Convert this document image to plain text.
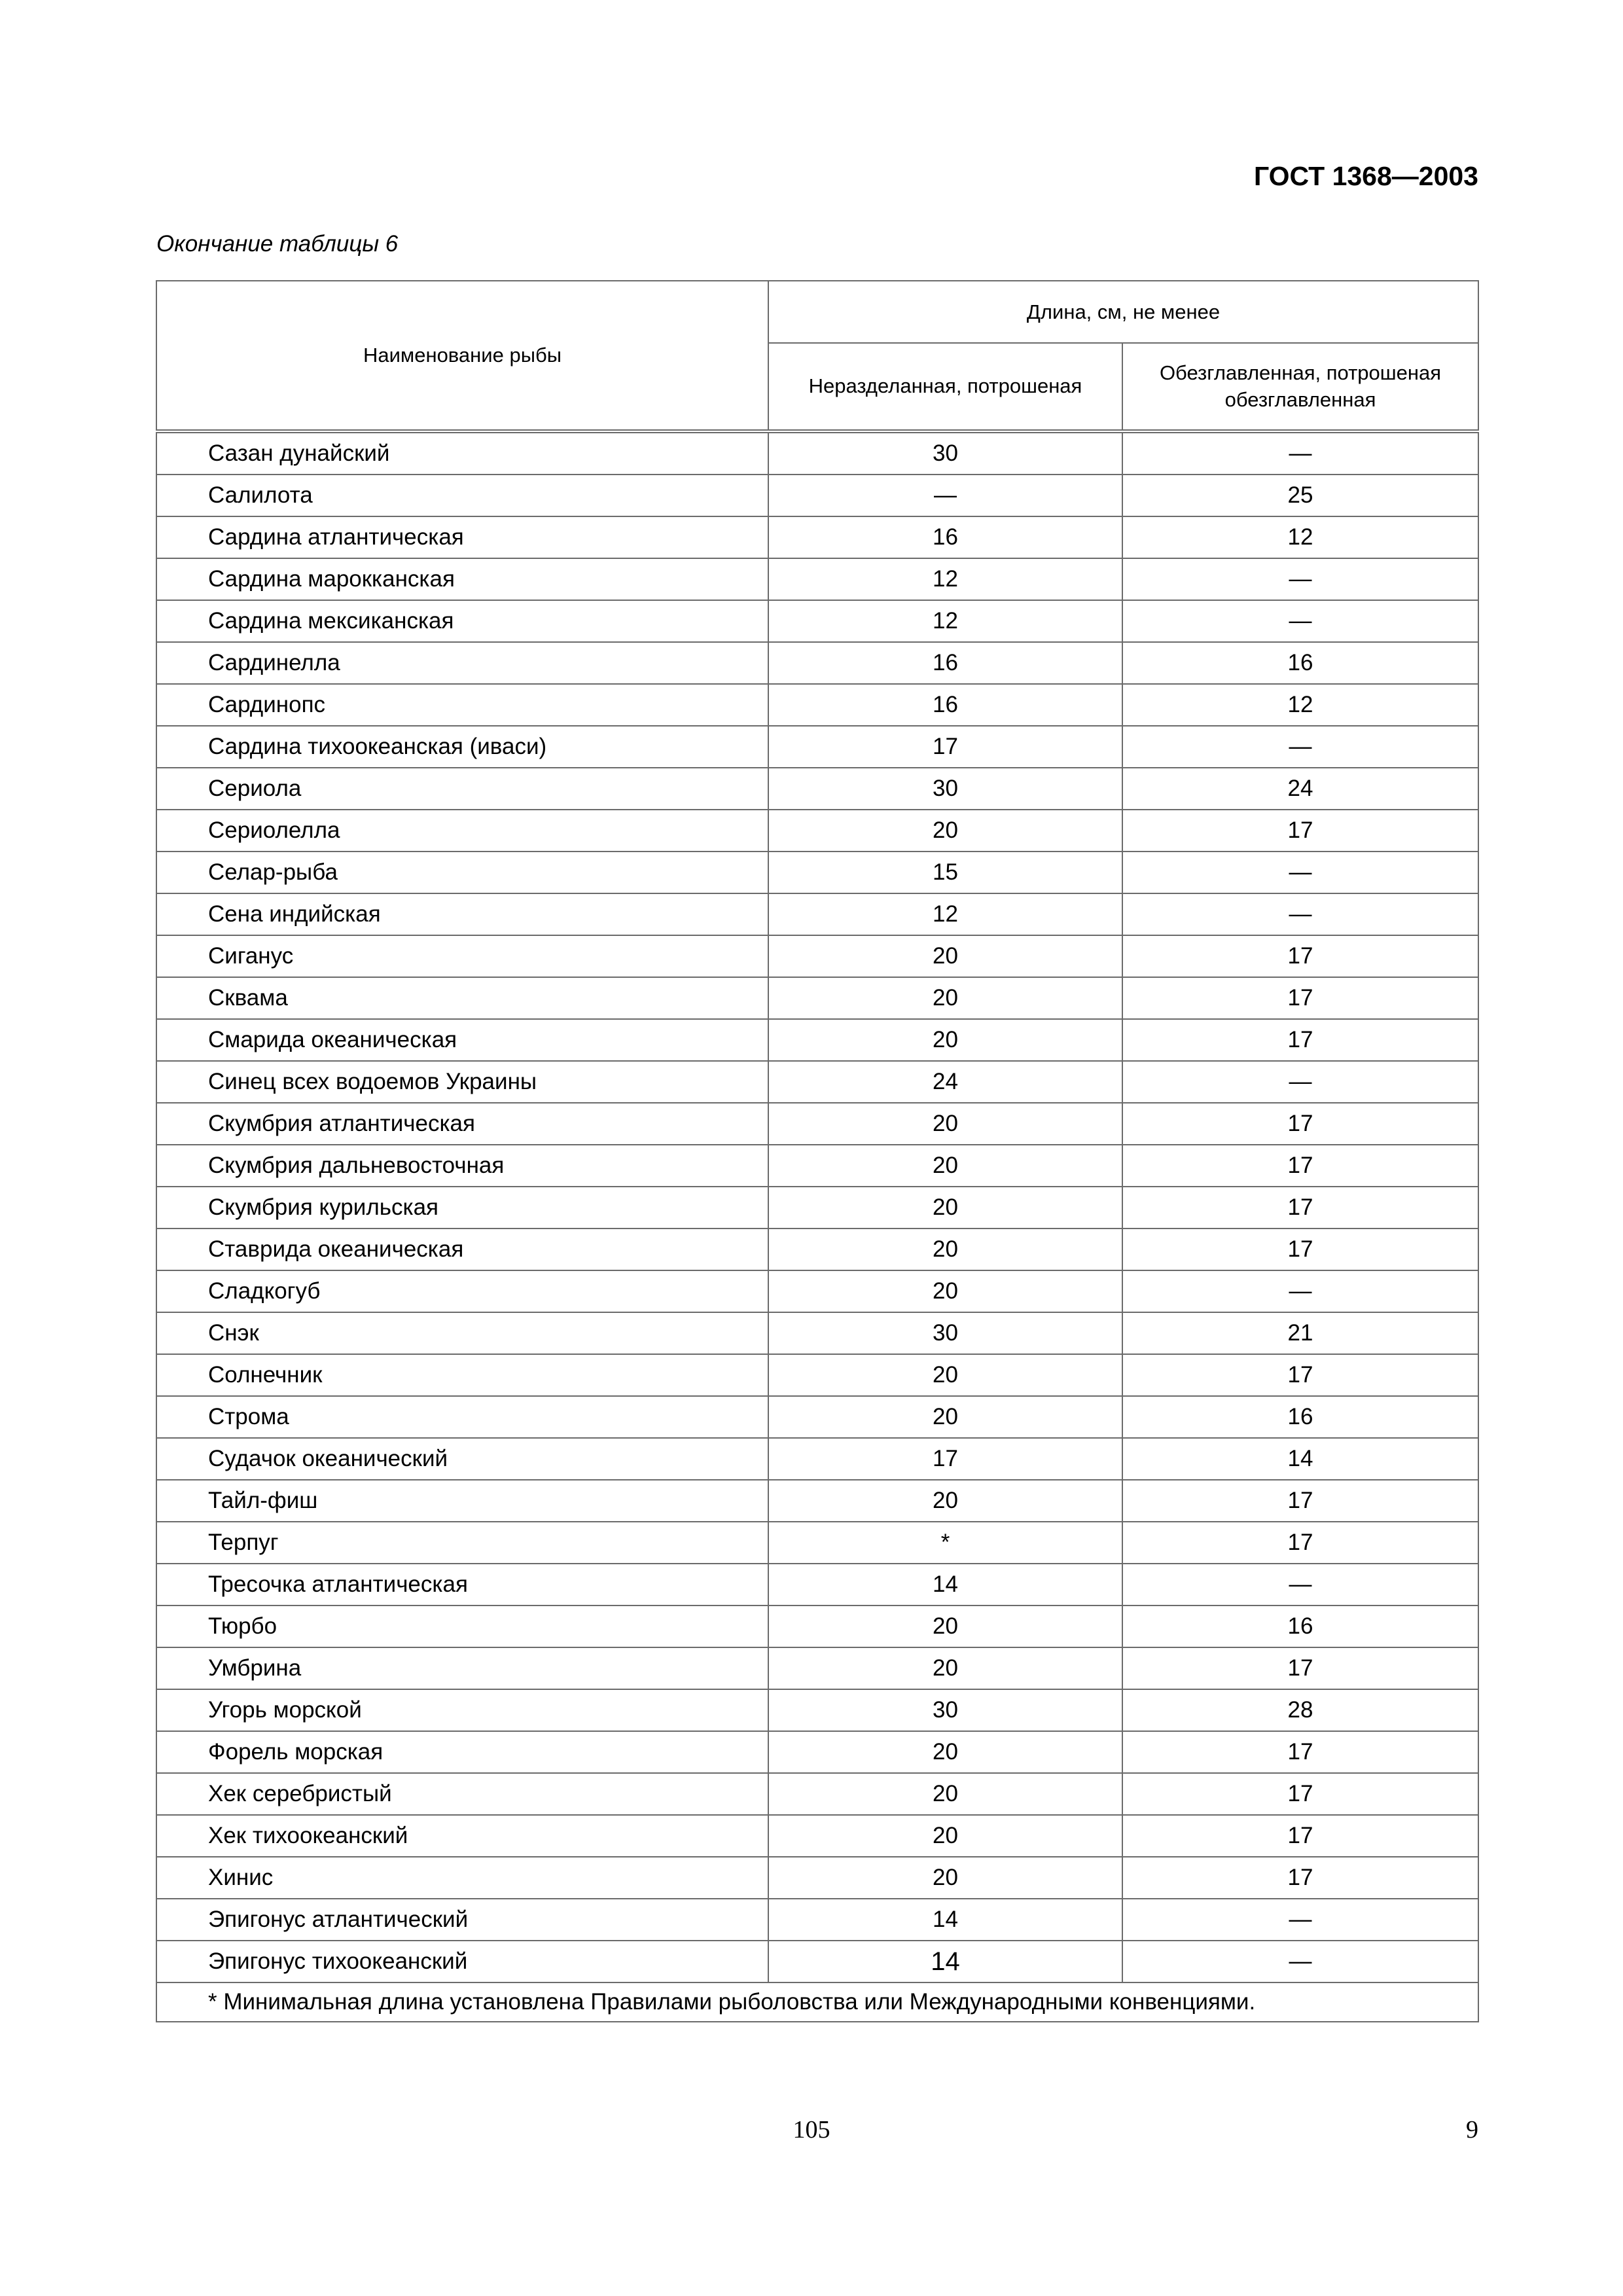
ГОСТ 1368—2003
Окончание таблицы 6
Наименование рыбы	Длина, см, не менее	
	Неразделанная, потрошеная	Обезглавленная, потрошеная обезглавленная
Сазан дунайский	30	—
Салилота	—	25
Сардина атлантическая	16	12
Сардина марокканская	12	—
Сардина мексиканская	12	—
Сардинелла	16	16
Сардинопс	16	12
Сардина тихоокеанская (иваси)	17	—
Сериола	30	24
Сериолелла	20	17
Селар-рыба	15	—
Сена индийская	12	—
Сиганус	20	17
Сквама	20	17
Смарида океаническая	20	17
Синец всех водоемов Украины	24	—
Скумбрия атлантическая	20	17
Скумбрия дальневосточная	20	17
Скумбрия курильская	20	17
Ставрида океаническая	20	17
Сладкогуб	20	—
Снэк	30	21
Солнечник	20	17
Строма	20	16
Судачок океанический	17	14
Тайл-фиш	20	17
Терпуг	*	17
Тресочка атлантическая	14	—
Тюрбо	20	16
Умбрина	20	17
Угорь морской	30	28
Форель морская	20	17
Хек серебристый	20	17
Хек тихоокеанский	20	17
Хинис	20	17
Эпигонус атлантический	14	—
Эпигонус тихоокеанский	14	—
* Минимальная длина установлена Правилами рыболовства или Международными конвенциями.		
105	9
